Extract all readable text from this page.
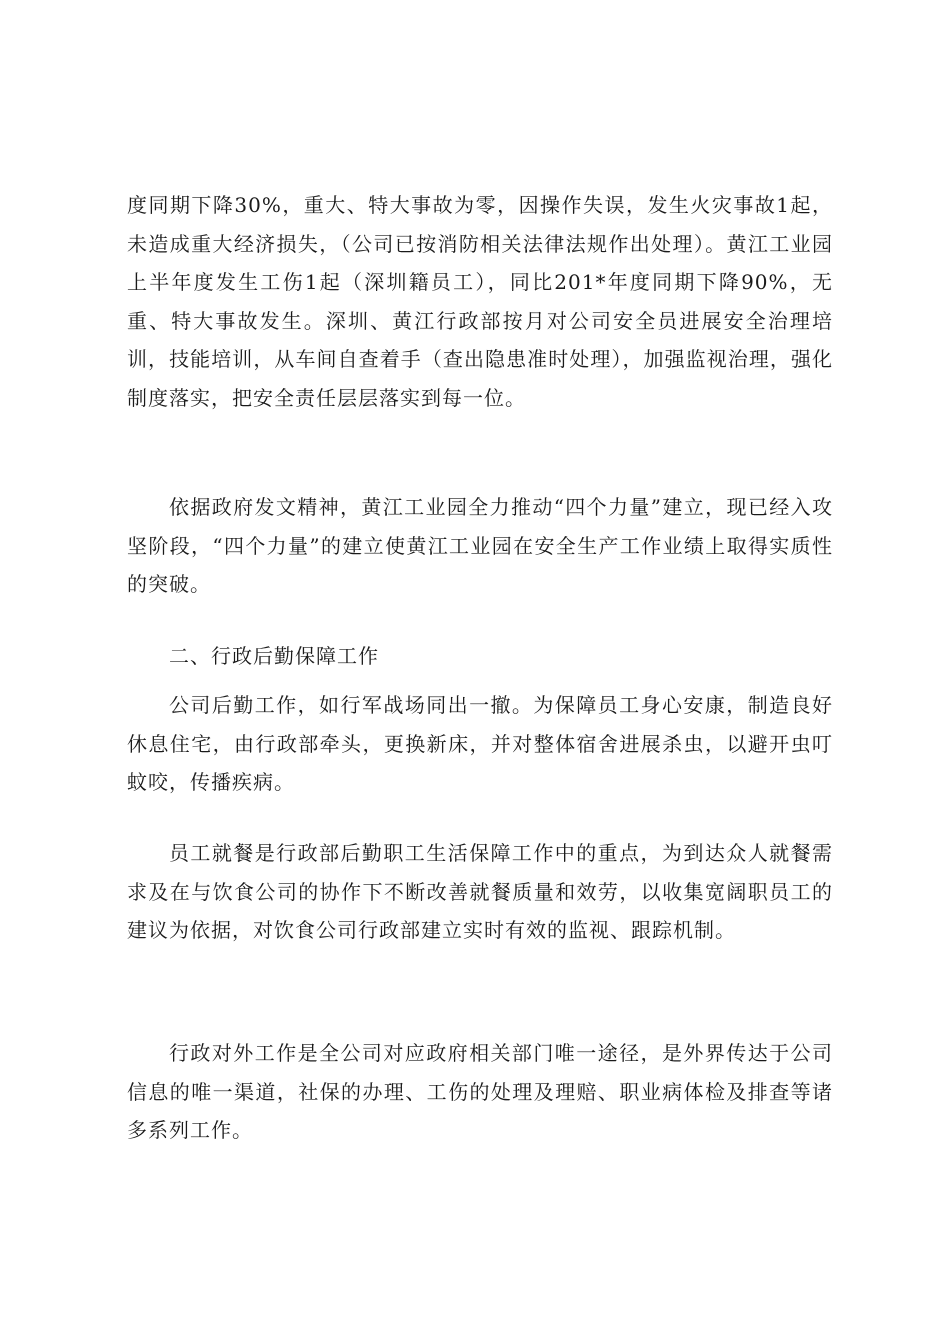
度同期下降30%，重大、特大事故为零，因操作失误，发生火灾事故1起，未造成重大经济损失，（公司已按消防相关法律法规作出处理）。黄江工业园上半年度发生工伤1起（深圳籍员工），同比201*年度同期下降90%，无重、特大事故发生。深圳、黄江行政部按月对公司安全员进展安全治理培训，技能培训，从车间自查着手（查出隐患准时处理），加强监视治理，强化制度落实，把安全责任层层落实到每一位。

依据政府发文精神，黄江工业园全力推动“四个力量”建立，现已经入攻坚阶段，“四个力量”的建立使黄江工业园在安全生产工作业绩上取得实质性的突破。

二、行政后勤保障工作

公司后勤工作，如行军战场同出一撤。为保障员工身心安康，制造良好休息住宅，由行政部牵头，更换新床，并对整体宿舍进展杀虫，以避开虫叮蚊咬，传播疾病。

员工就餐是行政部后勤职工生活保障工作中的重点，为到达众人就餐需求及在与饮食公司的协作下不断改善就餐质量和效劳，以收集宽阔职员工的建议为依据，对饮食公司行政部建立实时有效的监视、跟踪机制。

行政对外工作是全公司对应政府相关部门唯一途径，是外界传达于公司信息的唯一渠道，社保的办理、工伤的处理及理赔、职业病体检及排查等诸多系列工作。
